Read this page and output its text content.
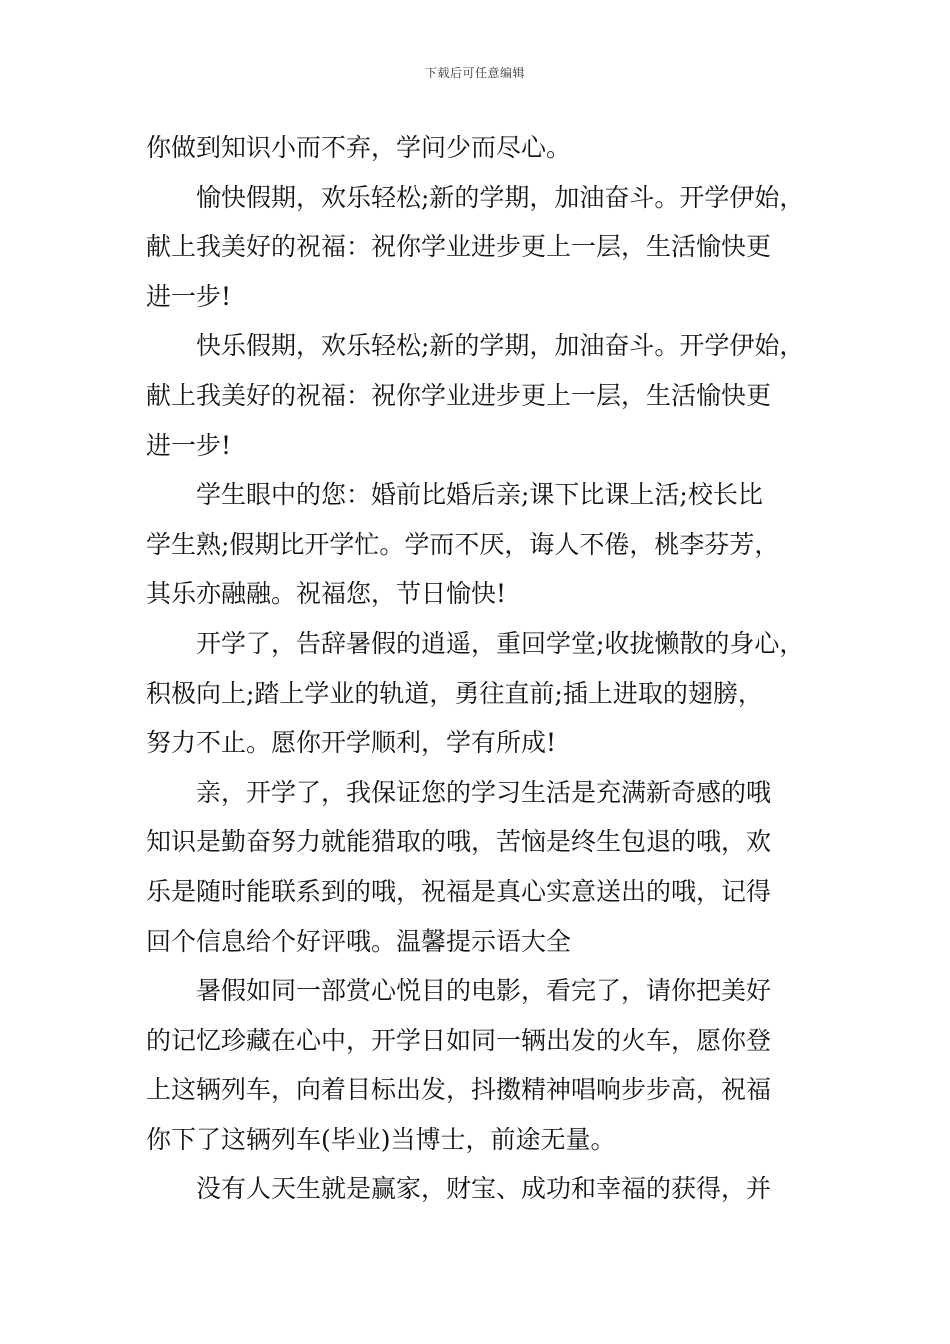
下载后可任意编辑
你做到知识小而不弃，学问少而尽心。
愉快假期，欢乐轻松;新的学期，加油奋斗。开学伊始，
献上我美好的祝福：祝你学业进步更上一层，生活愉快更
进一步!
快乐假期，欢乐轻松;新的学期，加油奋斗。开学伊始，
献上我美好的祝福：祝你学业进步更上一层，生活愉快更
进一步!
学生眼中的您：婚前比婚后亲;课下比课上活;校长比
学生熟;假期比开学忙。学而不厌，诲人不倦，桃李芬芳，
其乐亦融融。祝福您，节日愉快!
开学了，告辞暑假的逍遥，重回学堂;收拢懒散的身心，
积极向上;踏上学业的轨道，勇往直前;插上进取的翅膀，
努力不止。愿你开学顺利，学有所成!
亲，开学了，我保证您的学习生活是充满新奇感的哦
知识是勤奋努力就能猎取的哦，苦恼是终生包退的哦，欢
乐是随时能联系到的哦，祝福是真心实意送出的哦，记得
回个信息给个好评哦。温馨提示语大全
暑假如同一部赏心悦目的电影，看完了，请你把美好
的记忆珍藏在心中，开学日如同一辆出发的火车，愿你登
上这辆列车，向着目标出发，抖擞精神唱响步步高，祝福
你下了这辆列车(毕业)当博士，前途无量。
没有人天生就是赢家，财宝、成功和幸福的获得，并
